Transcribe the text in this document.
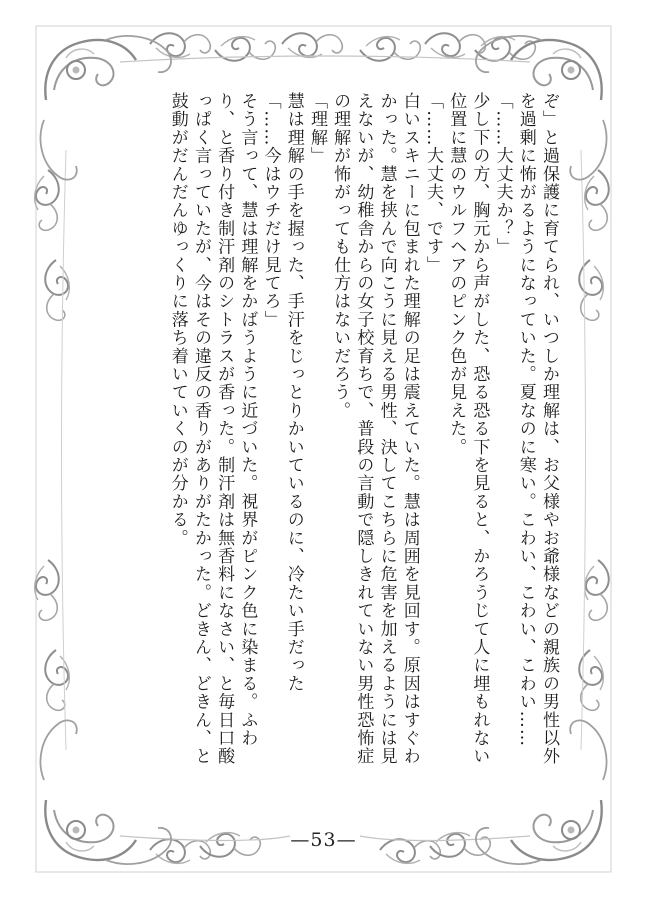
ぞ」と過保護に育てられ、いつしか理解は、お父様やお爺様などの親族の男性以外
を過剰に怖がるようになっていた。夏なのに寒い。こわい、こわい、こわい……
「……大丈夫か？」
少し下の方、胸元から声がした、恐る恐る下を見ると、かろうじて人に埋もれない
位置に慧のウルフヘアのピンク色が見えた。
「……大丈夫、です」
白いスキニーに包まれた理解の足は震えていた。慧は周囲を見回す。原因はすぐわ
かった。慧を挟んで向こうに見える男性、決してこちらに危害を加えるようには見
えないが、幼稚舎からの女子校育ちで、普段の言動で隠しきれていない男性恐怖症
の理解が怖がっても仕方はないだろう。
「理解」
慧は理解の手を握った、手汗をじっとりかいているのに、冷たい手だった
「……今はウチだけ見てろ」
そう言って、慧は理解をかばうように近づいた。視界がピンク色に染まる。ふわ
り、と香り付き制汗剤のシトラスが香った。制汗剤は無香料になさい、と毎日口酸
っぱく言っていたが、今はその違反の香りがありがたかった。どきん、どきん、と
鼓動がだんだんゆっくりに落ち着いていくのが分かる。
—53—
